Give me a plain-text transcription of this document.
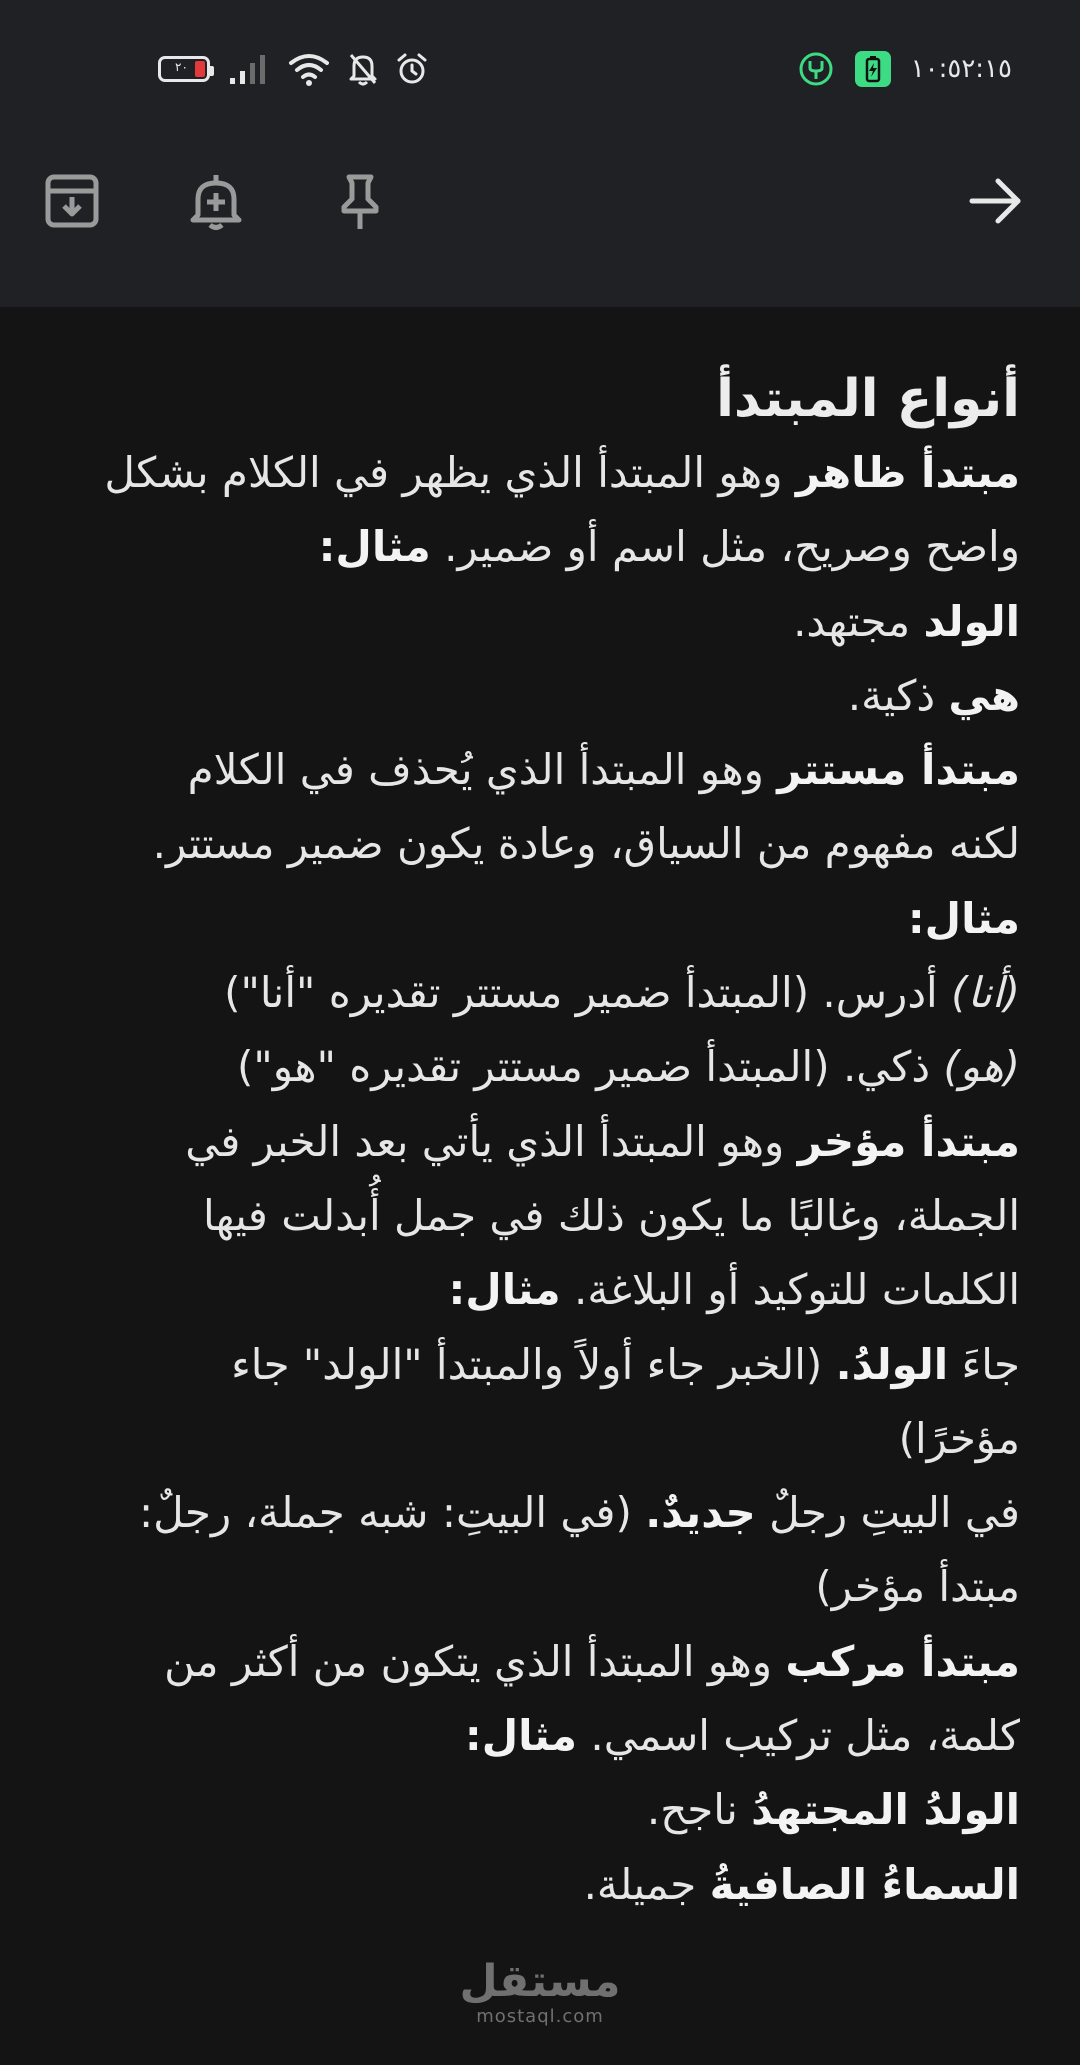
٢٠	١٠:٥٢:١٥

أنواع المبتدأ

مبتدأ ظاهر وهو المبتدأ الذي يظهر في الكلام بشكل

واضح وصريح، مثل اسم أو ضمير. مثال:

الولد مجتهد.

هي ذكية.

مبتدأ مستتر وهو المبتدأ الذي يُحذف في الكلام

لكنه مفهوم من السياق، وعادة يكون ضمير مستتر.

مثال:

(أنا) أدرس. (المبتدأ ضمير مستتر تقديره "أنا")

(هو) ذكي. (المبتدأ ضمير مستتر تقديره "هو")

مبتدأ مؤخر وهو المبتدأ الذي يأتي بعد الخبر في

الجملة، وغالبًا ما يكون ذلك في جمل أُبدلت فيها

الكلمات للتوكيد أو البلاغة. مثال:

جاءَ الولدُ. (الخبر جاء أولاً والمبتدأ "الولد" جاء

مؤخرًا)

في البيتِ رجلٌ جديدٌ. (في البيتِ: شبه جملة، رجلٌ:

مبتدأ مؤخر)

مبتدأ مركب وهو المبتدأ الذي يتكون من أكثر من

كلمة، مثل تركيب اسمي. مثال:

الولدُ المجتهدُ ناجح.

السماءُ الصافيةُ جميلة.

مستقل
mostaql.com
